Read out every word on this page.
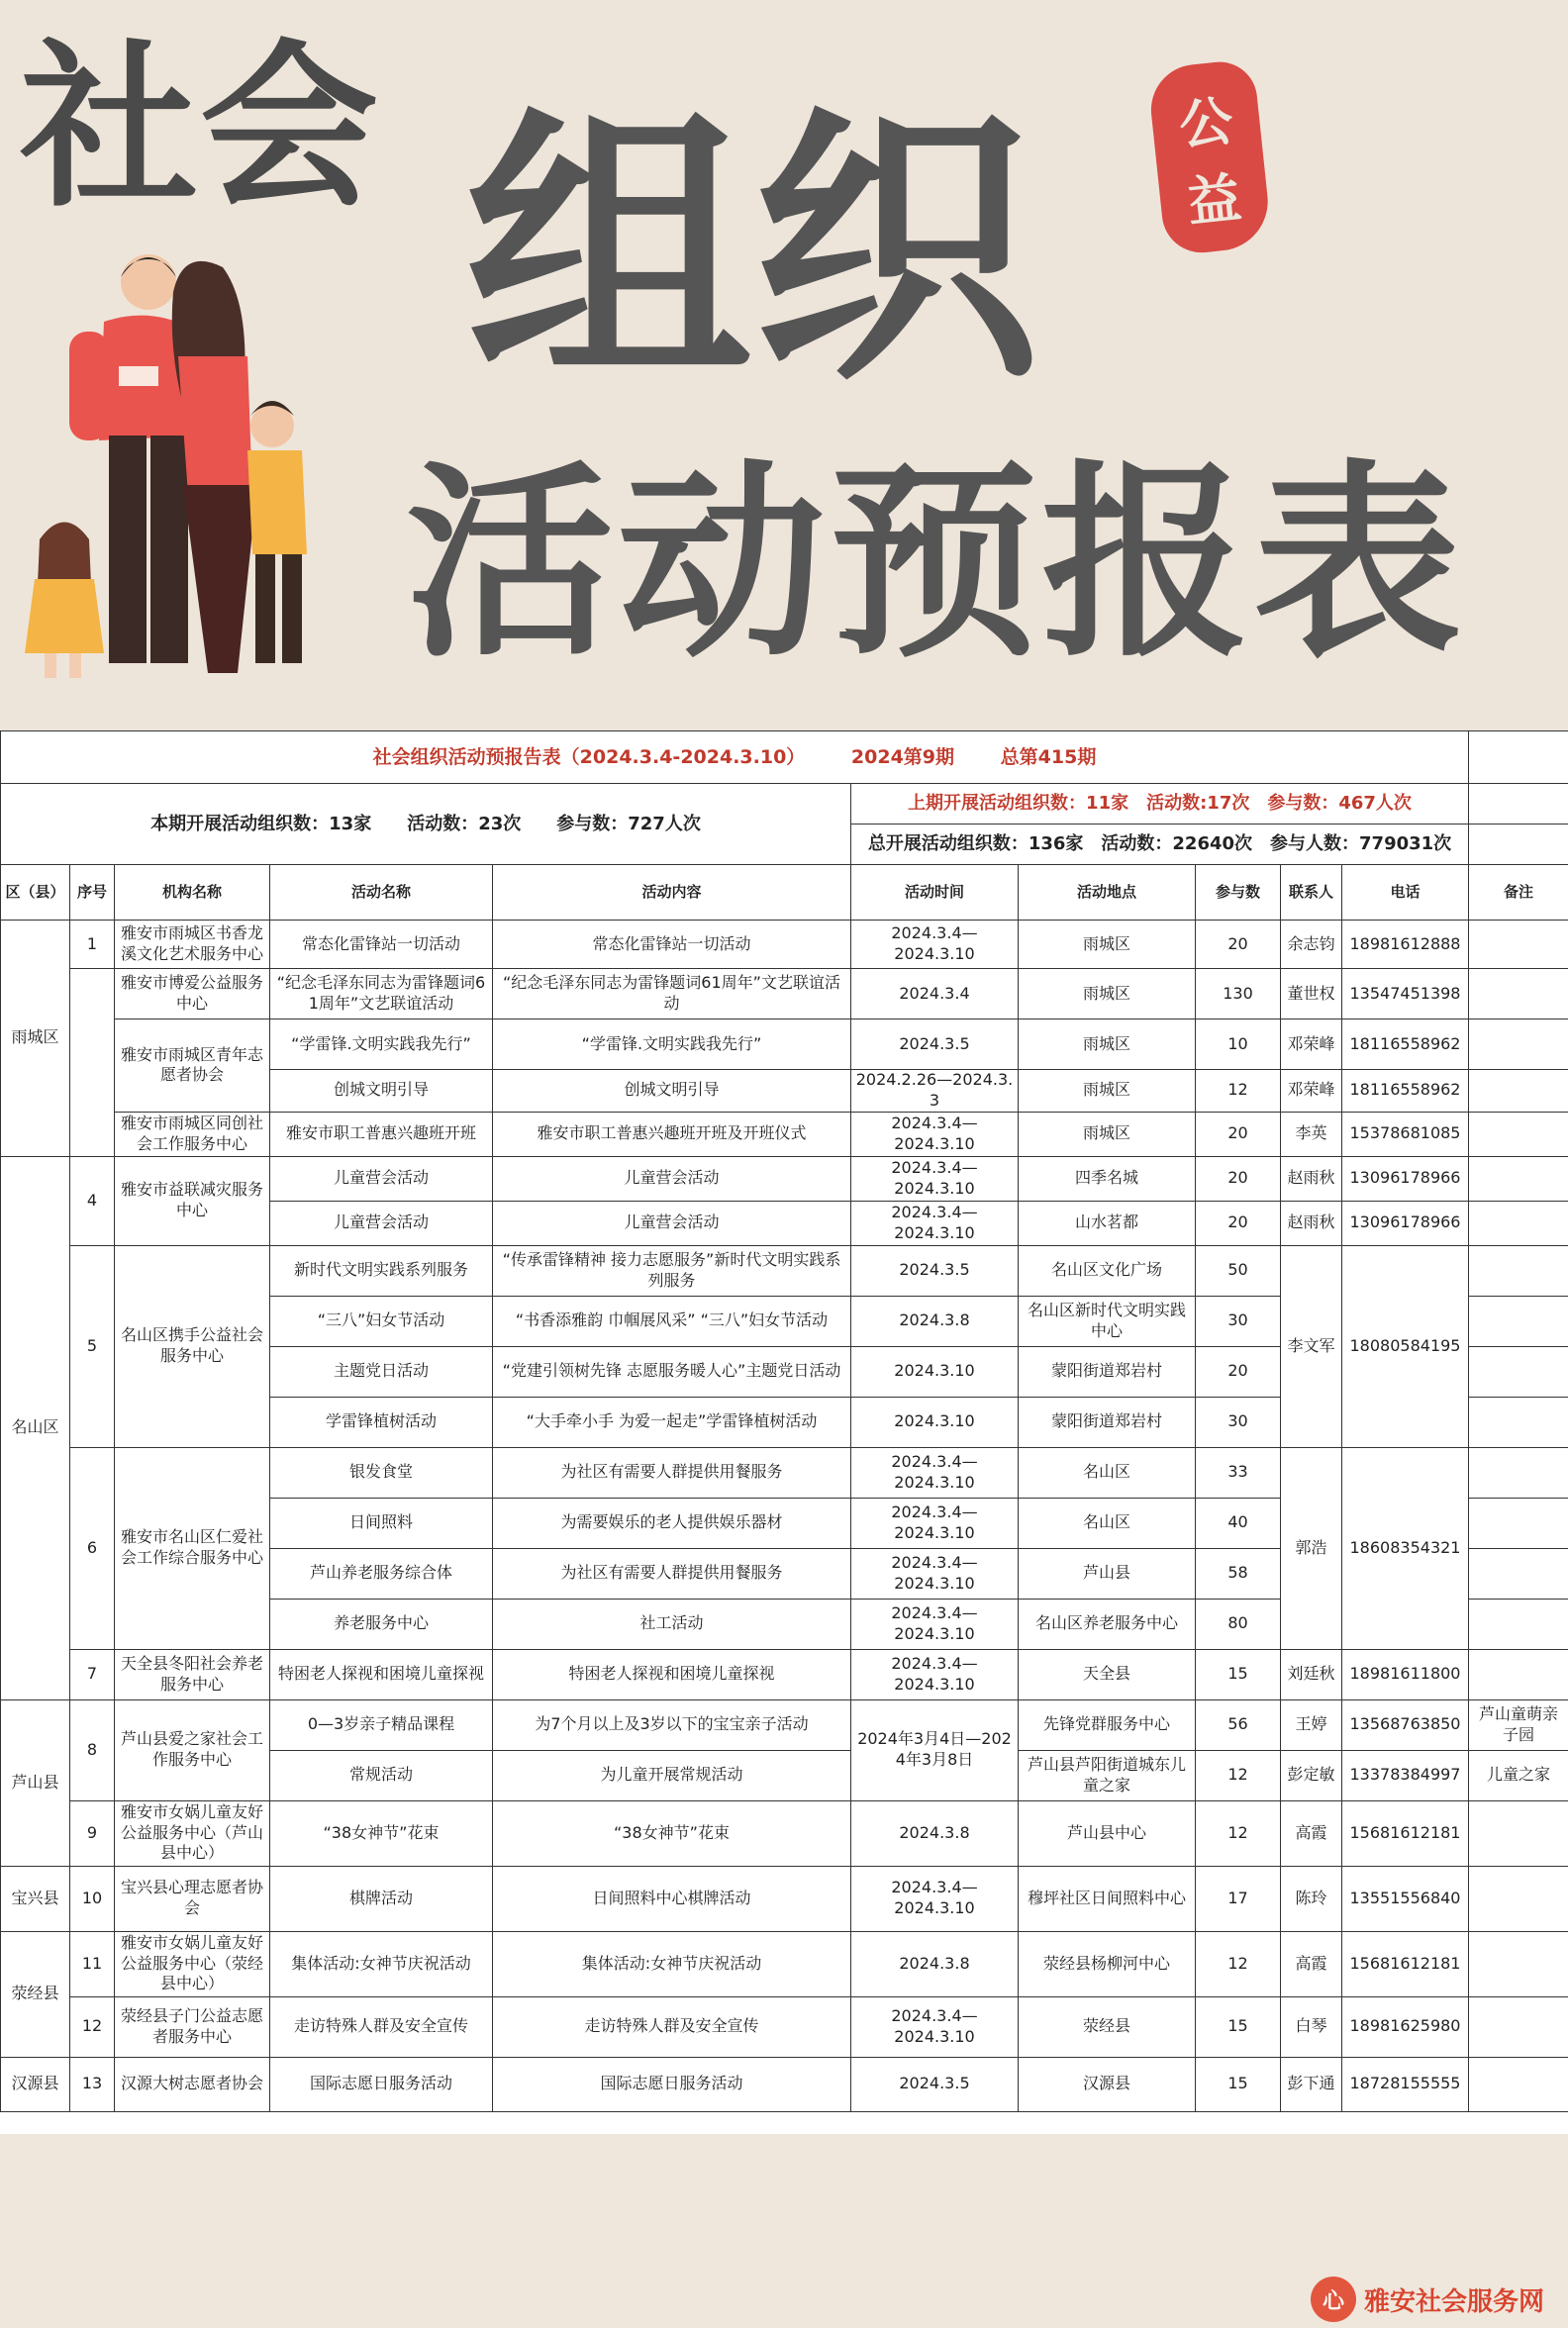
社会 组织
活动预报表
公
益
社会组织活动预报告表（2024.3.4-2024.3.10） 2024第9期 总第415期										
本期开展活动组织数：13家　　活动数：23次　　参与数：727人次					上期开展活动组织数：11家　活动数:17次　参与数：467人次					
					总开展活动组织数：136家　活动数：22640次　参与人数：779031次					
区（县）	序号	机构名称	活动名称	活动内容	活动时间	活动地点	参与数	联系人	电话	备注
雨城区	1	雅安市雨城区书香龙溪文化艺术服务中心	常态化雷锋站一切活动	常态化雷锋站一切活动	2024.3.4—
2024.3.10	雨城区	20	余志钧	18981612888	
		雅安市博爱公益服务中心	“纪念毛泽东同志为雷锋题词61周年”文艺联谊活动	“纪念毛泽东同志为雷锋题词61周年”文艺联谊活动	2024.3.4	雨城区	130	董世权	13547451398	
		雅安市雨城区青年志愿者协会	“学雷锋.文明实践我先行”	“学雷锋.文明实践我先行”	2024.3.5	雨城区	10	邓荣峰	18116558962	
			创城文明引导	创城文明引导	2024.2.26—2024.3.3	雨城区	12	邓荣峰	18116558962	
		雅安市雨城区同创社会工作服务中心	雅安市职工普惠兴趣班开班	雅安市职工普惠兴趣班开班及开班仪式	2024.3.4—
2024.3.10	雨城区	20	李英	15378681085	
名山区	4	雅安市益联减灾服务中心	儿童营会活动	儿童营会活动	2024.3.4—
2024.3.10	四季名城	20	赵雨秋	13096178966	
			儿童营会活动	儿童营会活动	2024.3.4—
2024.3.10	山水茗都	20	赵雨秋	13096178966	
	5	名山区携手公益社会服务中心	新时代文明实践系列服务	“传承雷锋精神 接力志愿服务”新时代文明实践系列服务	2024.3.5	名山区文化广场	50	李文军	18080584195	
			“三八”妇女节活动	“书香添雅韵 巾帼展风采” “三八”妇女节活动	2024.3.8	名山区新时代文明实践中心	30			
			主题党日活动	“党建引领树先锋 志愿服务暖人心”主题党日活动	2024.3.10	蒙阳街道郑岩村	20			
			学雷锋植树活动	“大手牵小手 为爱一起走”学雷锋植树活动	2024.3.10	蒙阳街道郑岩村	30			
	6	雅安市名山区仁爱社会工作综合服务中心	银发食堂	为社区有需要人群提供用餐服务	2024.3.4—
2024.3.10	名山区	33	郭浩	18608354321	
			日间照料	为需要娱乐的老人提供娱乐器材	2024.3.4—
2024.3.10	名山区	40			
			芦山养老服务综合体	为社区有需要人群提供用餐服务	2024.3.4—
2024.3.10	芦山县	58			
			养老服务中心	社工活动	2024.3.4—
2024.3.10	名山区养老服务中心	80			
	7	天全县冬阳社会养老服务中心	特困老人探视和困境儿童探视	特困老人探视和困境儿童探视	2024.3.4—
2024.3.10	天全县	15	刘廷秋	18981611800	
芦山县	8	芦山县爱之家社会工作服务中心	0—3岁亲子精品课程	为7个月以上及3岁以下的宝宝亲子活动	2024年3月4日—2024年3月8日	先锋党群服务中心	56	王婷	13568763850	芦山童萌亲子园
			常规活动	为儿童开展常规活动		芦山县芦阳街道城东儿童之家	12	彭定敏	13378384997	儿童之家
	9	雅安市女娲儿童友好公益服务中心（芦山县中心）	“38女神节”花束	“38女神节”花束	2024.3.8	芦山县中心	12	高霞	15681612181	
宝兴县	10	宝兴县心理志愿者协会	棋牌活动	日间照料中心棋牌活动	2024.3.4—
2024.3.10	穆坪社区日间照料中心	17	陈玲	13551556840	
荥经县	11	雅安市女娲儿童友好公益服务中心（荥经县中心）	集体活动:女神节庆祝活动	集体活动:女神节庆祝活动	2024.3.8	荥经县杨柳河中心	12	高霞	15681612181	
	12	荥经县子门公益志愿者服务中心	走访特殊人群及安全宣传	走访特殊人群及安全宣传	2024.3.4—
2024.3.10	荥经县	15	白琴	18981625980	
汉源县	13	汉源大树志愿者协会	国际志愿日服务活动	国际志愿日服务活动	2024.3.5	汉源县	15	彭下通	18728155555	
心 雅安社会服务网
